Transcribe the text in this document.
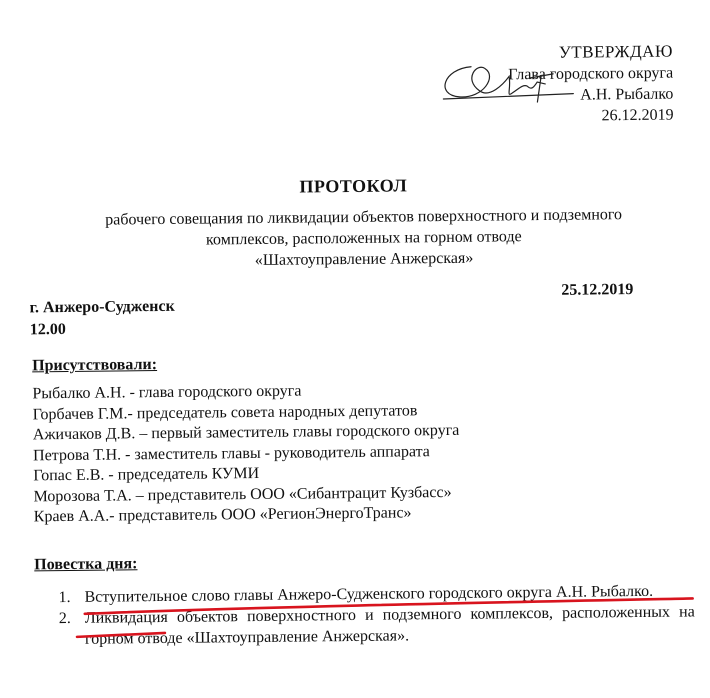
УТВЕРЖДАЮ
Глава городского округа
А.Н. Рыбалко
26.12.2019
ПРОТОКОЛ
рабочего совещания по ликвидации объектов поверхностного и подземного
комплексов, расположенных на горном отводе
«Шахтоуправление Анжерская»
25.12.2019
г. Анжеро-Судженск
12.00
Присутствовали:
Рыбалко А.Н. - глава городского округа
Горбачев Г.М.- председатель совета народных депутатов
Ажичаков Д.В. – первый заместитель главы городского округа
Петрова Т.Н. - заместитель главы - руководитель аппарата
Гопас Е.В. - председатель КУМИ
Морозова Т.А. – представитель ООО «Сибантрацит Кузбасс»
Краев А.А.- представитель ООО «РегионЭнергоТранс»
Повестка дня:
1. Вступительное слово главы Анжеро-Судженского городского округа А.Н. Рыбалко.
2. Ликвидация объектов поверхностного и подземного комплексов, расположенных на горном отводе «Шахтоуправление Анжерская».
